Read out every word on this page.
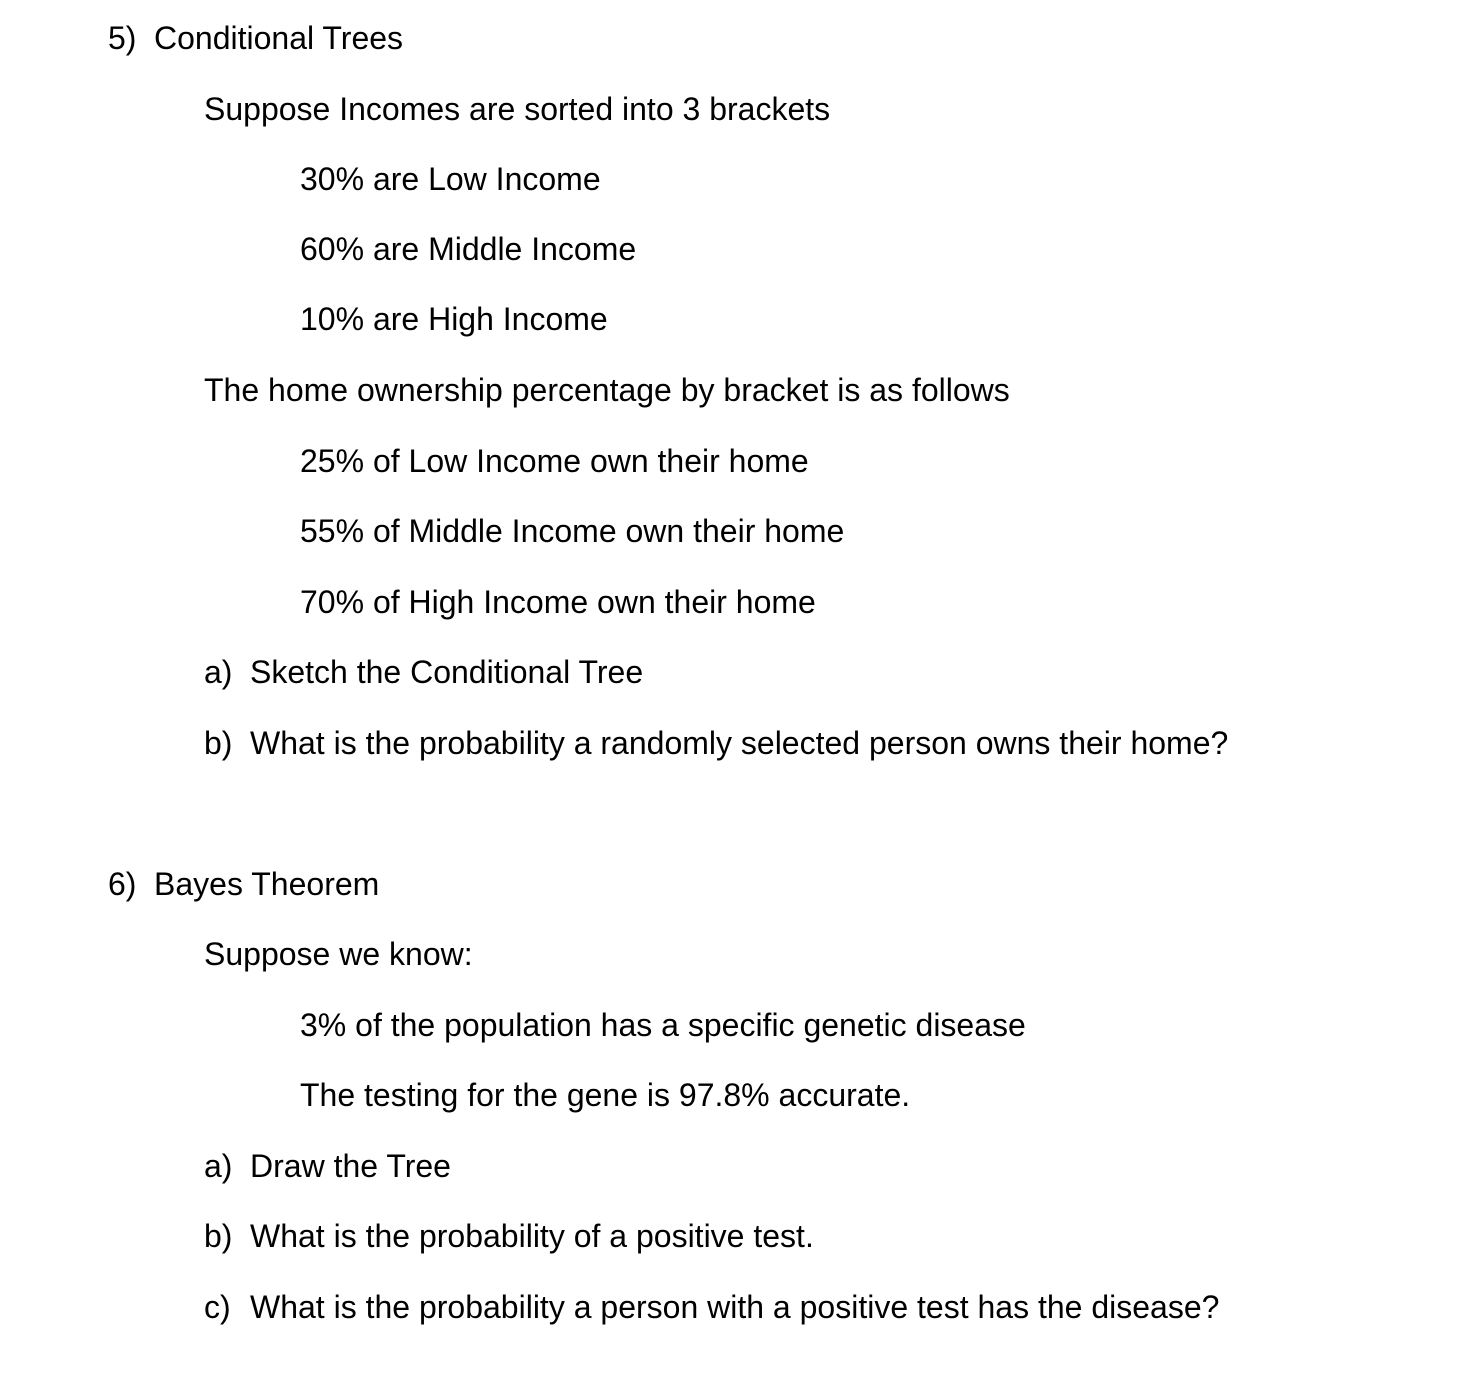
5) Conditional Trees
Suppose Incomes are sorted into 3 brackets
30% are Low Income
60% are Middle Income
10% are High Income
The home ownership percentage by bracket is as follows
25% of Low Income own their home
55% of Middle Income own their home
70% of High Income own their home
a) Sketch the Conditional Tree
b) What is the probability a randomly selected person owns their home?
6) Bayes Theorem
Suppose we know:
3% of the population has a specific genetic disease
The testing for the gene is 97.8% accurate.
a) Draw the Tree
b) What is the probability of a positive test.
c) What is the probability a person with a positive test has the disease?
